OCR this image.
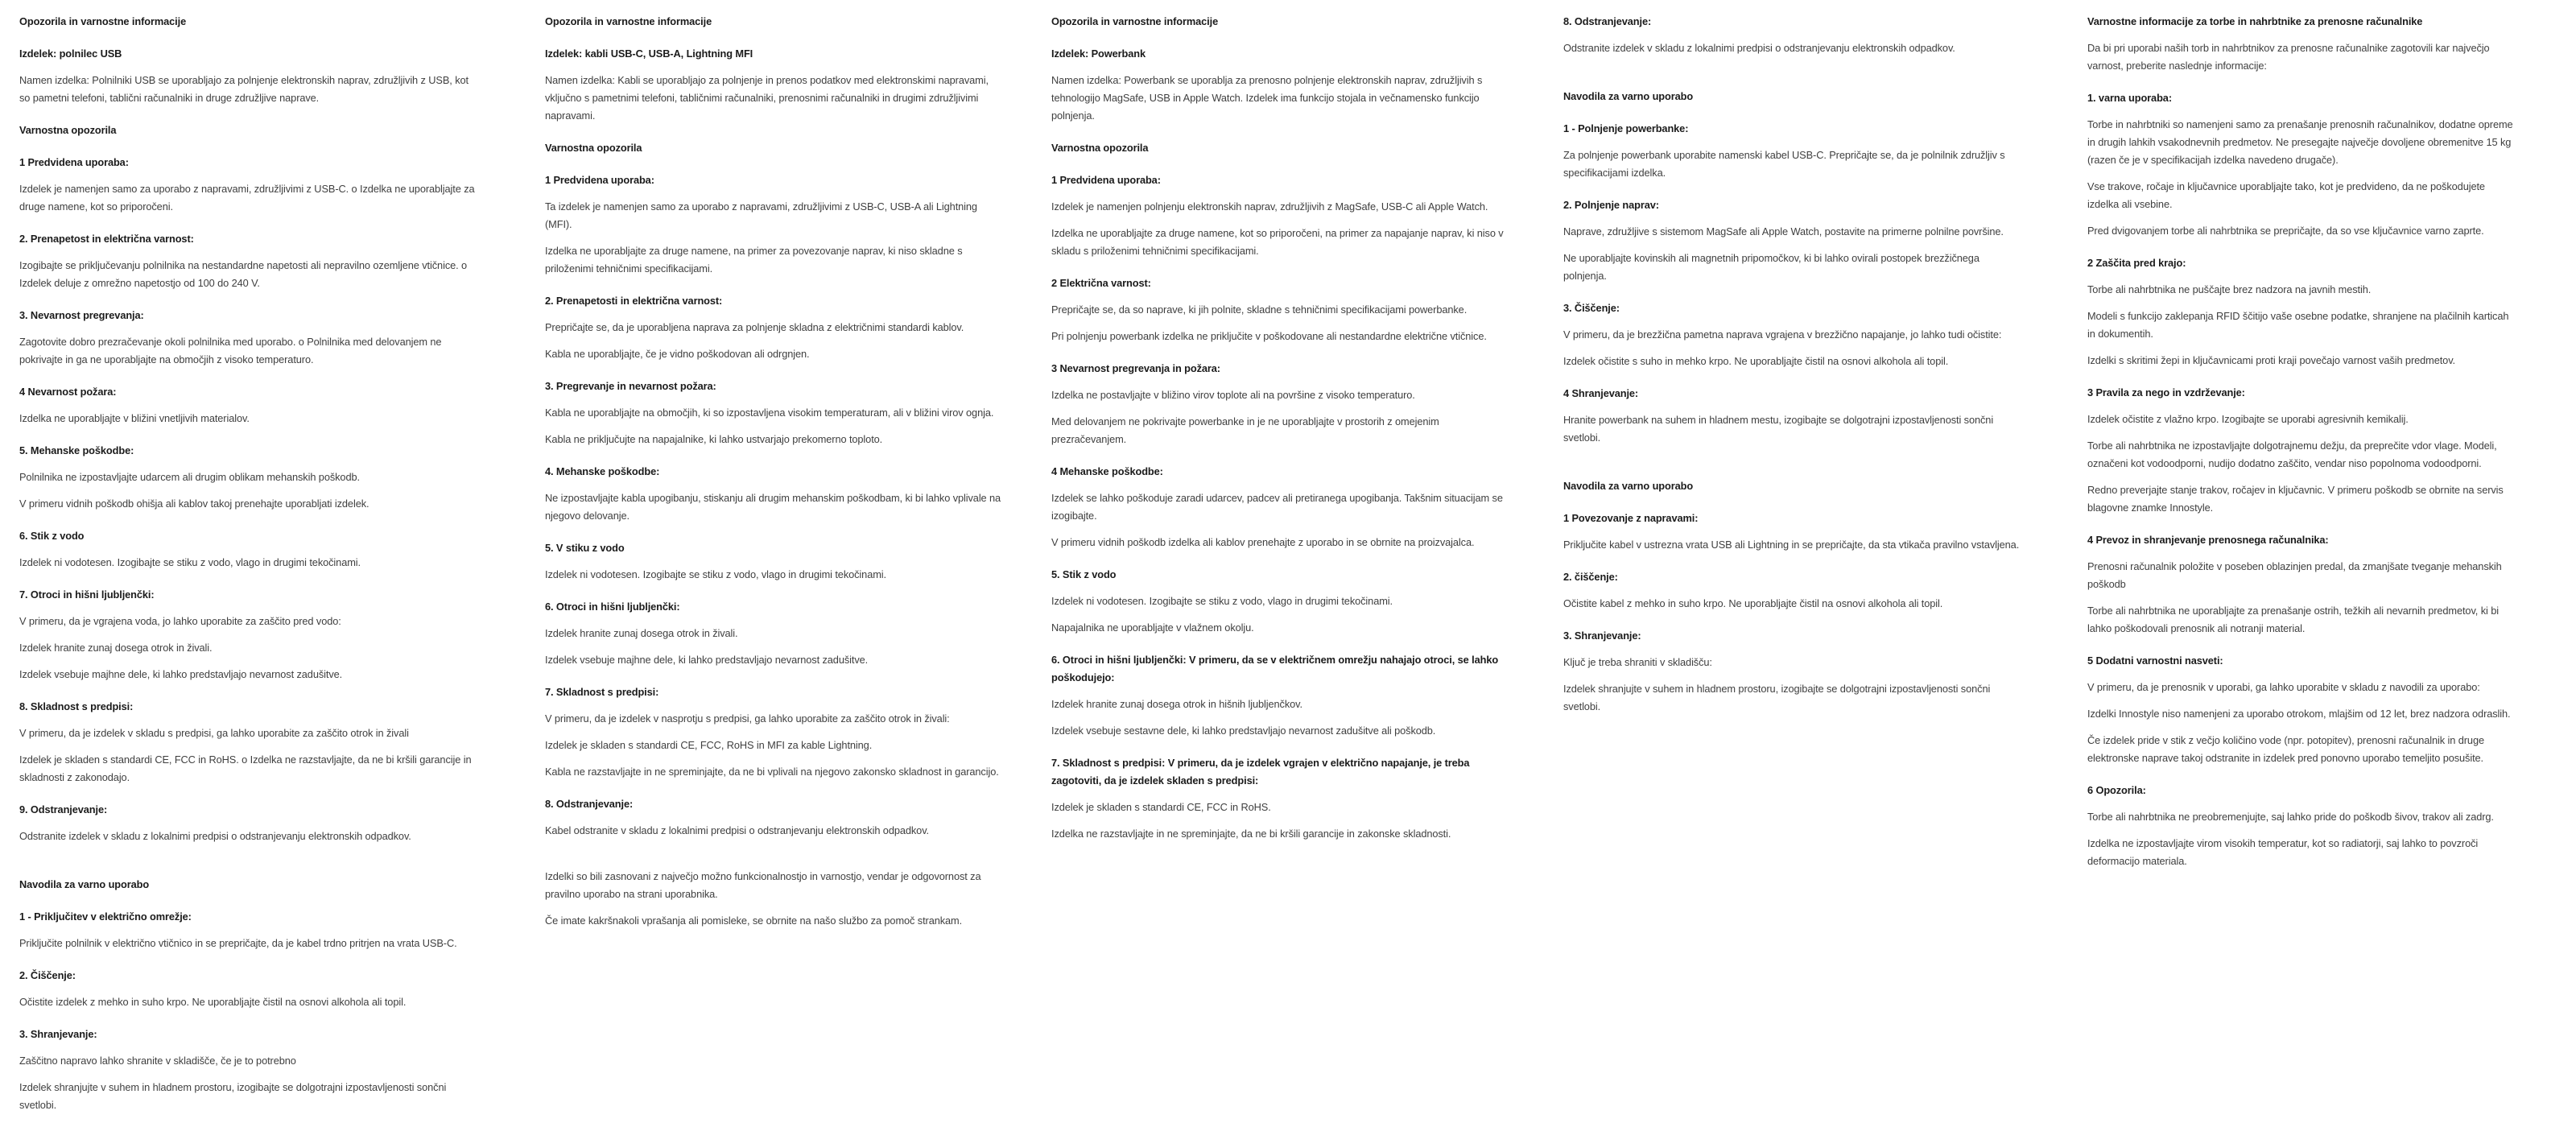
Opozorila in varnostne informacije
Izdelek: polnilec USB
Namen izdelka: Polnilniki USB se uporabljajo za polnjenje elektronskih naprav, združljivih z USB, kot so pametni telefoni, tablični računalniki in druge združljive naprave.
Varnostna opozorila
1 Predvidena uporaba:
Izdelek je namenjen samo za uporabo z napravami, združljivimi z USB-C. o Izdelka ne uporabljajte za druge namene, kot so priporočeni.
2. Prenapetost in električna varnost:
Izogibajte se priključevanju polnilnika na nestandardne napetosti ali nepravilno ozemljene vtičnice. o Izdelek deluje z omrežno napetostjo od 100 do 240 V.
3. Nevarnost pregrevanja:
Zagotovite dobro prezračevanje okoli polnilnika med uporabo. o Polnilnika med delovanjem ne pokrivajte in ga ne uporabljajte na območjih z visoko temperaturo.
4 Nevarnost požara:
Izdelka ne uporabljajte v bližini vnetljivih materialov.
5. Mehanske poškodbe:
Polnilnika ne izpostavljajte udarcem ali drugim oblikam mehanskih poškodb.
V primeru vidnih poškodb ohišja ali kablov takoj prenehajte uporabljati izdelek.
6. Stik z vodo
Izdelek ni vodotesen. Izogibajte se stiku z vodo, vlago in drugimi tekočinami.
7. Otroci in hišni ljubljenčki:
V primeru, da je vgrajena voda, jo lahko uporabite za zaščito pred vodo:
Izdelek hranite zunaj dosega otrok in živali.
Izdelek vsebuje majhne dele, ki lahko predstavljajo nevarnost zadušitve.
8. Skladnost s predpisi:
V primeru, da je izdelek v skladu s predpisi, ga lahko uporabite za zaščito otrok in živali
Izdelek je skladen s standardi CE, FCC in RoHS. o Izdelka ne razstavljajte, da ne bi kršili garancije in skladnosti z zakonodajo.
9. Odstranjevanje:
Odstranite izdelek v skladu z lokalnimi predpisi o odstranjevanju elektronskih odpadkov.
Navodila za varno uporabo
1 - Priključitev v električno omrežje:
Priključite polnilnik v električno vtičnico in se prepričajte, da je kabel trdno pritrjen na vrata USB-C.
2. Čiščenje:
Očistite izdelek z mehko in suho krpo. Ne uporabljajte čistil na osnovi alkohola ali topil.
3. Shranjevanje:
Zaščitno napravo lahko shranite v skladišče, če je to potrebno
Izdelek shranjujte v suhem in hladnem prostoru, izogibajte se dolgotrajni izpostavljenosti sončni svetlobi.
Opozorila in varnostne informacije
Izdelek: kabli USB-C, USB-A, Lightning MFI
Namen izdelka: Kabli se uporabljajo za polnjenje in prenos podatkov med elektronskimi napravami, vključno s pametnimi telefoni, tabličnimi računalniki, prenosnimi računalniki in drugimi združljivimi napravami.
Varnostna opozorila
1 Predvidena uporaba:
Ta izdelek je namenjen samo za uporabo z napravami, združljivimi z USB-C, USB-A ali Lightning (MFI).
Izdelka ne uporabljajte za druge namene, na primer za povezovanje naprav, ki niso skladne s priloženimi tehničnimi specifikacijami.
2. Prenapetosti in električna varnost:
Prepričajte se, da je uporabljena naprava za polnjenje skladna z električnimi standardi kablov.
Kabla ne uporabljajte, če je vidno poškodovan ali odrgnjen.
3. Pregrevanje in nevarnost požara:
Kabla ne uporabljajte na območjih, ki so izpostavljena visokim temperaturam, ali v bližini virov ognja.
Kabla ne priključujte na napajalnike, ki lahko ustvarjajo prekomerno toploto.
4. Mehanske poškodbe:
Ne izpostavljajte kabla upogibanju, stiskanju ali drugim mehanskim poškodbam, ki bi lahko vplivale na njegovo delovanje.
5. V stiku z vodo
Izdelek ni vodotesen. Izogibajte se stiku z vodo, vlago in drugimi tekočinami.
6. Otroci in hišni ljubljenčki:
Izdelek hranite zunaj dosega otrok in živali.
Izdelek vsebuje majhne dele, ki lahko predstavljajo nevarnost zadušitve.
7. Skladnost s predpisi:
V primeru, da je izdelek v nasprotju s predpisi, ga lahko uporabite za zaščito otrok in živali:
Izdelek je skladen s standardi CE, FCC, RoHS in MFI za kable Lightning.
Kabla ne razstavljajte in ne spreminjajte, da ne bi vplivali na njegovo zakonsko skladnost in garancijo.
8. Odstranjevanje:
Kabel odstranite v skladu z lokalnimi predpisi o odstranjevanju elektronskih odpadkov.
Izdelki so bili zasnovani z največjo možno funkcionalnostjo in varnostjo, vendar je odgovornost za pravilno uporabo na strani uporabnika.
Če imate kakršnakoli vprašanja ali pomisleke, se obrnite na našo službo za pomoč strankam.
Opozorila in varnostne informacije
Izdelek: Powerbank
Namen izdelka: Powerbank se uporablja za prenosno polnjenje elektronskih naprav, združljivih s tehnologijo MagSafe, USB in Apple Watch. Izdelek ima funkcijo stojala in večnamensko funkcijo polnjenja.
Varnostna opozorila
1 Predvidena uporaba:
Izdelek je namenjen polnjenju elektronskih naprav, združljivih z MagSafe, USB-C ali Apple Watch.
Izdelka ne uporabljajte za druge namene, kot so priporočeni, na primer za napajanje naprav, ki niso v skladu s priloženimi tehničnimi specifikacijami.
2 Električna varnost:
Prepričajte se, da so naprave, ki jih polnite, skladne s tehničnimi specifikacijami powerbanke.
Pri polnjenju powerbank izdelka ne priključite v poškodovane ali nestandardne električne vtičnice.
3 Nevarnost pregrevanja in požara:
Izdelka ne postavljajte v bližino virov toplote ali na površine z visoko temperaturo.
Med delovanjem ne pokrivajte powerbanke in je ne uporabljajte v prostorih z omejenim prezračevanjem.
4 Mehanske poškodbe:
Izdelek se lahko poškoduje zaradi udarcev, padcev ali pretiranega upogibanja. Takšnim situacijam se izogibajte.
V primeru vidnih poškodb izdelka ali kablov prenehajte z uporabo in se obrnite na proizvajalca.
5. Stik z vodo
Izdelek ni vodotesen. Izogibajte se stiku z vodo, vlago in drugimi tekočinami.
Napajalnika ne uporabljajte v vlažnem okolju.
6. Otroci in hišni ljubljenčki: V primeru, da se v električnem omrežju nahajajo otroci, se lahko poškodujejo:
Izdelek hranite zunaj dosega otrok in hišnih ljubljenčkov.
Izdelek vsebuje sestavne dele, ki lahko predstavljajo nevarnost zadušitve ali poškodb.
7. Skladnost s predpisi: V primeru, da je izdelek vgrajen v električno napajanje, je treba zagotoviti, da je izdelek skladen s predpisi:
Izdelek je skladen s standardi CE, FCC in RoHS.
Izdelka ne razstavljajte in ne spreminjajte, da ne bi kršili garancije in zakonske skladnosti.
8. Odstranjevanje:
Odstranite izdelek v skladu z lokalnimi predpisi o odstranjevanju elektronskih odpadkov.
Navodila za varno uporabo
1 - Polnjenje powerbanke:
Za polnjenje powerbank uporabite namenski kabel USB-C. Prepričajte se, da je polnilnik združljiv s specifikacijami izdelka.
2. Polnjenje naprav:
Naprave, združljive s sistemom MagSafe ali Apple Watch, postavite na primerne polnilne površine.
Ne uporabljajte kovinskih ali magnetnih pripomočkov, ki bi lahko ovirali postopek brezžičnega polnjenja.
3. Čiščenje:
V primeru, da je brezžična pametna naprava vgrajena v brezžično napajanje, jo lahko tudi očistite:
Izdelek očistite s suho in mehko krpo. Ne uporabljajte čistil na osnovi alkohola ali topil.
4 Shranjevanje:
Hranite powerbank na suhem in hladnem mestu, izogibajte se dolgotrajni izpostavljenosti sončni svetlobi.
Navodila za varno uporabo
1 Povezovanje z napravami:
Priključite kabel v ustrezna vrata USB ali Lightning in se prepričajte, da sta vtikača pravilno vstavljena.
2. čiščenje:
Očistite kabel z mehko in suho krpo. Ne uporabljajte čistil na osnovi alkohola ali topil.
3. Shranjevanje:
Ključ je treba shraniti v skladišču:
Izdelek shranjujte v suhem in hladnem prostoru, izogibajte se dolgotrajni izpostavljenosti sončni svetlobi.
Varnostne informacije za torbe in nahrbtnike za prenosne računalnike
Da bi pri uporabi naših torb in nahrbtnikov za prenosne računalnike zagotovili kar največjo varnost, preberite naslednje informacije:
1. varna uporaba:
Torbe in nahrbtniki so namenjeni samo za prenašanje prenosnih računalnikov, dodatne opreme in drugih lahkih vsakodnevnih predmetov. Ne presegajte največje dovoljene obremenitve 15 kg (razen če je v specifikacijah izdelka navedeno drugače).
Vse trakove, ročaje in ključavnice uporabljajte tako, kot je predvideno, da ne poškodujete izdelka ali vsebine.
Pred dvigovanjem torbe ali nahrbtnika se prepričajte, da so vse ključavnice varno zaprte.
2 Zaščita pred krajo:
Torbe ali nahrbtnika ne puščajte brez nadzora na javnih mestih.
Modeli s funkcijo zaklepanja RFID ščitijo vaše osebne podatke, shranjene na plačilnih karticah in dokumentih.
Izdelki s skritimi žepi in ključavnicami proti kraji povečajo varnost vaših predmetov.
3 Pravila za nego in vzdrževanje:
Izdelek očistite z vlažno krpo. Izogibajte se uporabi agresivnih kemikalij.
Torbe ali nahrbtnika ne izpostavljajte dolgotrajnemu dežju, da preprečite vdor vlage. Modeli, označeni kot vodoodporni, nudijo dodatno zaščito, vendar niso popolnoma vodoodporni.
Redno preverjajte stanje trakov, ročajev in ključavnic. V primeru poškodb se obrnite na servis blagovne znamke Innostyle.
4 Prevoz in shranjevanje prenosnega računalnika:
Prenosni računalnik položite v poseben oblazinjen predal, da zmanjšate tveganje mehanskih poškodb
Torbe ali nahrbtnika ne uporabljajte za prenašanje ostrih, težkih ali nevarnih predmetov, ki bi lahko poškodovali prenosnik ali notranji material.
5 Dodatni varnostni nasveti:
V primeru, da je prenosnik v uporabi, ga lahko uporabite v skladu z navodili za uporabo:
Izdelki Innostyle niso namenjeni za uporabo otrokom, mlajšim od 12 let, brez nadzora odraslih.
Če izdelek pride v stik z večjo količino vode (npr. potopitev), prenosni računalnik in druge elektronske naprave takoj odstranite in izdelek pred ponovno uporabo temeljito posušite.
6 Opozorila:
Torbe ali nahrbtnika ne preobremenjujte, saj lahko pride do poškodb šivov, trakov ali zadrg.
Izdelka ne izpostavljajte virom visokih temperatur, kot so radiatorji, saj lahko to povzroči deformacijo materiala.
